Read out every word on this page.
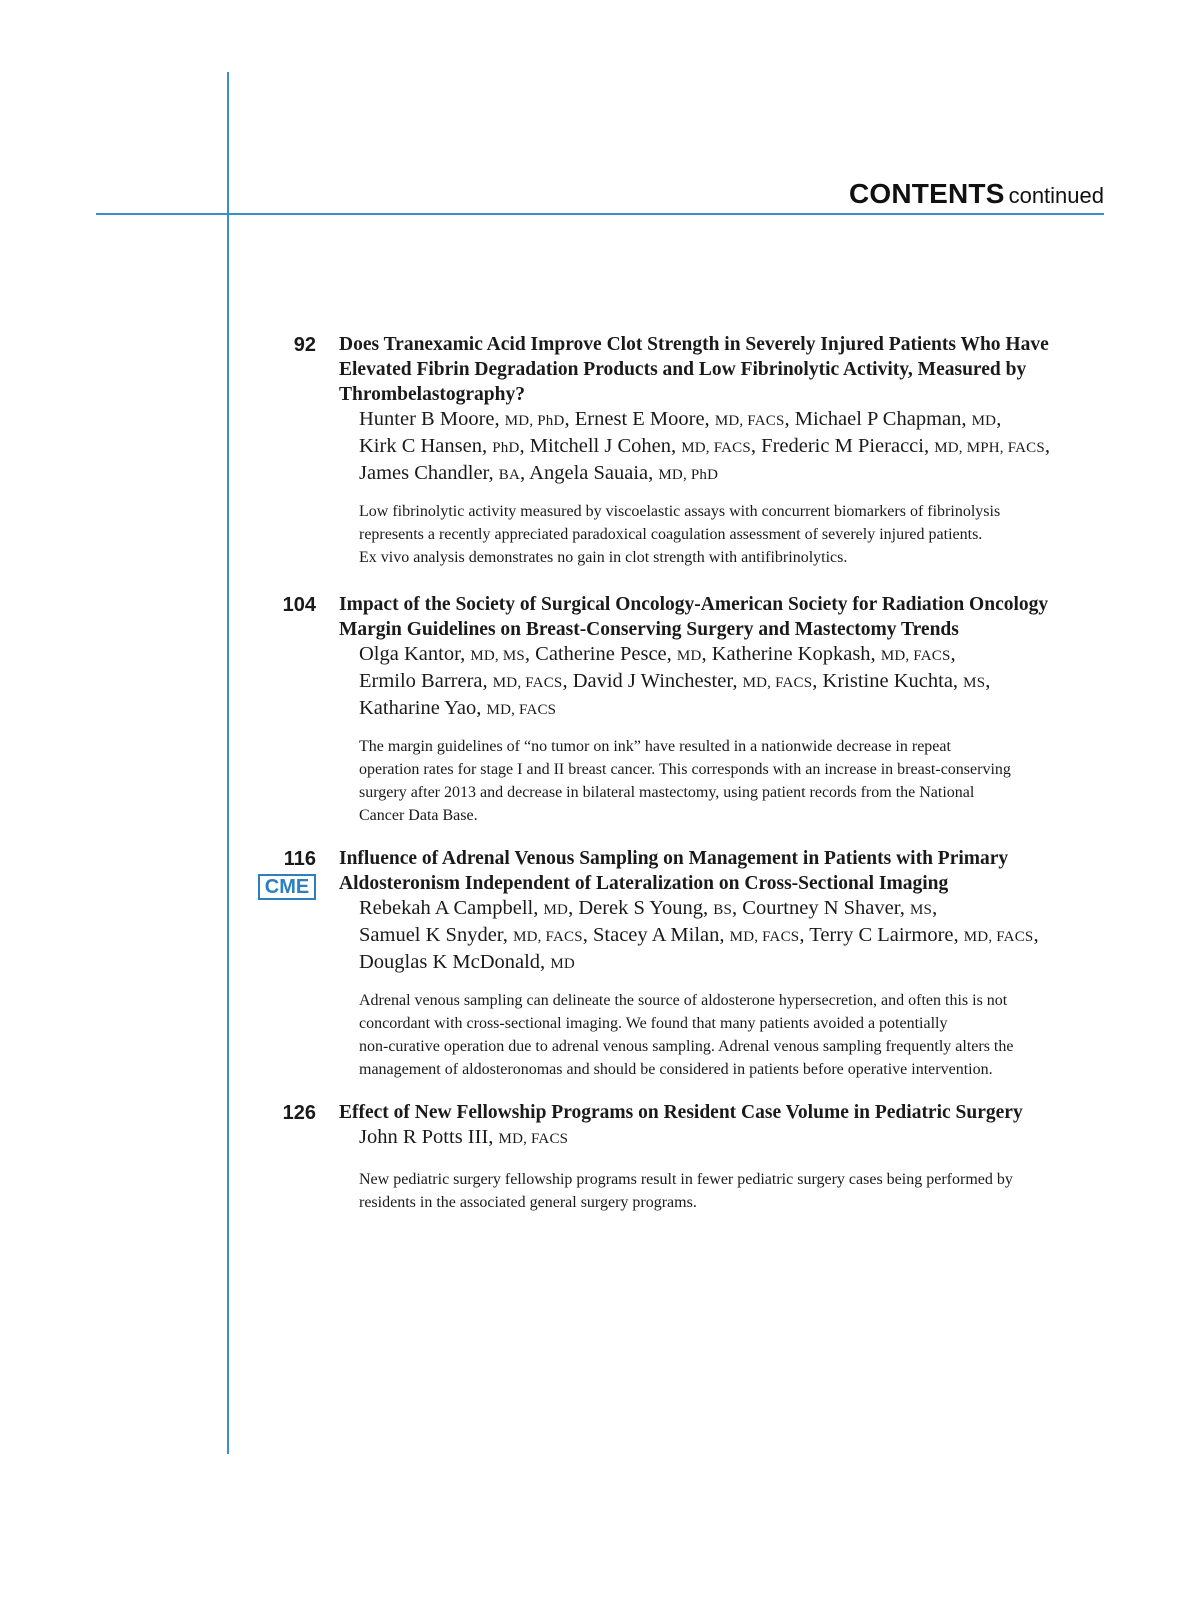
CONTENTS continued
92 Does Tranexamic Acid Improve Clot Strength in Severely Injured Patients Who Have
Elevated Fibrin Degradation Products and Low Fibrinolytic Activity, Measured by
Thrombelastography?
Hunter B Moore, MD, PhD, Ernest E Moore, MD, FACS, Michael P Chapman, MD,
Kirk C Hansen, PhD, Mitchell J Cohen, MD, FACS, Frederic M Pieracci, MD, MPH, FACS,
James Chandler, BA, Angela Sauaia, MD, PhD
Low fibrinolytic activity measured by viscoelastic assays with concurrent biomarkers of fibrinolysis
represents a recently appreciated paradoxical coagulation assessment of severely injured patients.
Ex vivo analysis demonstrates no gain in clot strength with antifibrinolytics.
104 Impact of the Society of Surgical Oncology-American Society for Radiation Oncology
Margin Guidelines on Breast-Conserving Surgery and Mastectomy Trends
Olga Kantor, MD, MS, Catherine Pesce, MD, Katherine Kopkash, MD, FACS,
Ermilo Barrera, MD, FACS, David J Winchester, MD, FACS, Kristine Kuchta, MS,
Katharine Yao, MD, FACS
The margin guidelines of “no tumor on ink” have resulted in a nationwide decrease in repeat
operation rates for stage I and II breast cancer. This corresponds with an increase in breast-conserving
surgery after 2013 and decrease in bilateral mastectomy, using patient records from the National
Cancer Data Base.
116
CME
Influence of Adrenal Venous Sampling on Management in Patients with Primary
Aldosteronism Independent of Lateralization on Cross-Sectional Imaging
Rebekah A Campbell, MD, Derek S Young, BS, Courtney N Shaver, MS,
Samuel K Snyder, MD, FACS, Stacey A Milan, MD, FACS, Terry C Lairmore, MD, FACS,
Douglas K McDonald, MD
Adrenal venous sampling can delineate the source of aldosterone hypersecretion, and often this is not
concordant with cross-sectional imaging. We found that many patients avoided a potentially
non-curative operation due to adrenal venous sampling. Adrenal venous sampling frequently alters the
management of aldosteronomas and should be considered in patients before operative intervention.
126 Effect of New Fellowship Programs on Resident Case Volume in Pediatric Surgery
John R Potts III, MD, FACS
New pediatric surgery fellowship programs result in fewer pediatric surgery cases being performed by
residents in the associated general surgery programs.
